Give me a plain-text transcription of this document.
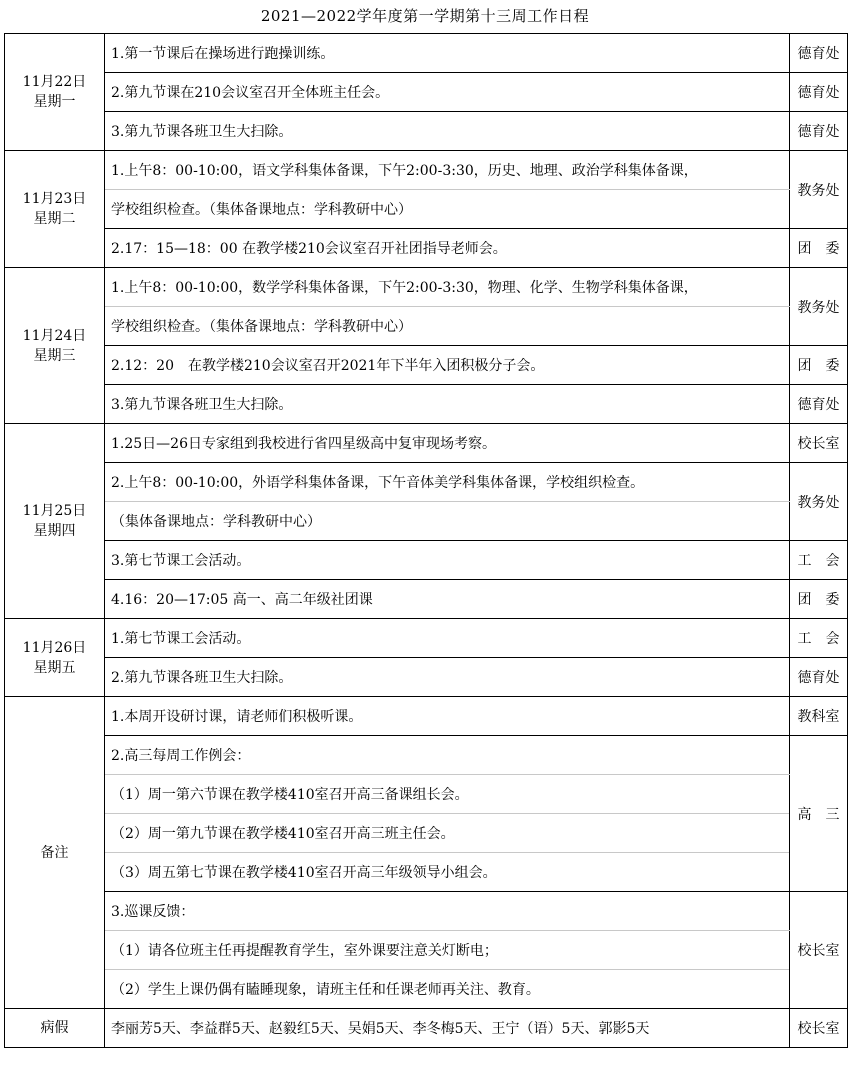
2021—2022学年度第一学期第十三周工作日程
11月22日
星期一	1.第一节课后在操场进行跑操训练。	德育处
	2.第九节课在210会议室召开全体班主任会。	德育处
	3.第九节课各班卫生大扫除。	德育处

11月23日
星期二	1.上午8：00-10:00，语文学科集体备课，下午2:00-3:30，历史、地理、政治学科集体备课，	教务处
	学校组织检查。（集体备课地点：学科教研中心）	
	2.17：15—18：00 在教学楼210会议室召开社团指导老师会。	团　委

11月24日
星期三	1.上午8：00-10:00，数学学科集体备课，下午2:00-3:30，物理、化学、生物学科集体备课，	教务处
	学校组织检查。（集体备课地点：学科教研中心）	
	2.12：20　在教学楼210会议室召开2021年下半年入团积极分子会。	团　委
	3.第九节课各班卫生大扫除。	德育处

11月25日
星期四	1.25日—26日专家组到我校进行省四星级高中复审现场考察。	校长室
	2.上午8：00-10:00，外语学科集体备课，下午音体美学科集体备课，学校组织检查。	教务处
	（集体备课地点：学科教研中心）	
	3.第七节课工会活动。	工　会
	4.16：20—17:05 高一、高二年级社团课	团　委

11月26日
星期五	1.第七节课工会活动。	工　会
	2.第九节课各班卫生大扫除。	德育处

备注	1.本周开设研讨课，请老师们积极听课。	教科室
	2.高三每周工作例会：	高　三
	（1）周一第六节课在教学楼410室召开高三备课组长会。	
	（2）周一第九节课在教学楼410室召开高三班主任会。	
	（3）周五第七节课在教学楼410室召开高三年级领导小组会。	
	3.巡课反馈：	校长室
	（1）请各位班主任再提醒教育学生，室外课要注意关灯断电；	
	（2）学生上课仍偶有瞌睡现象，请班主任和任课老师再关注、教育。	
病假	李丽芳5天、李益群5天、赵毅红5天、吴娟5天、李冬梅5天、王宁（语）5天、郭影5天	校长室
